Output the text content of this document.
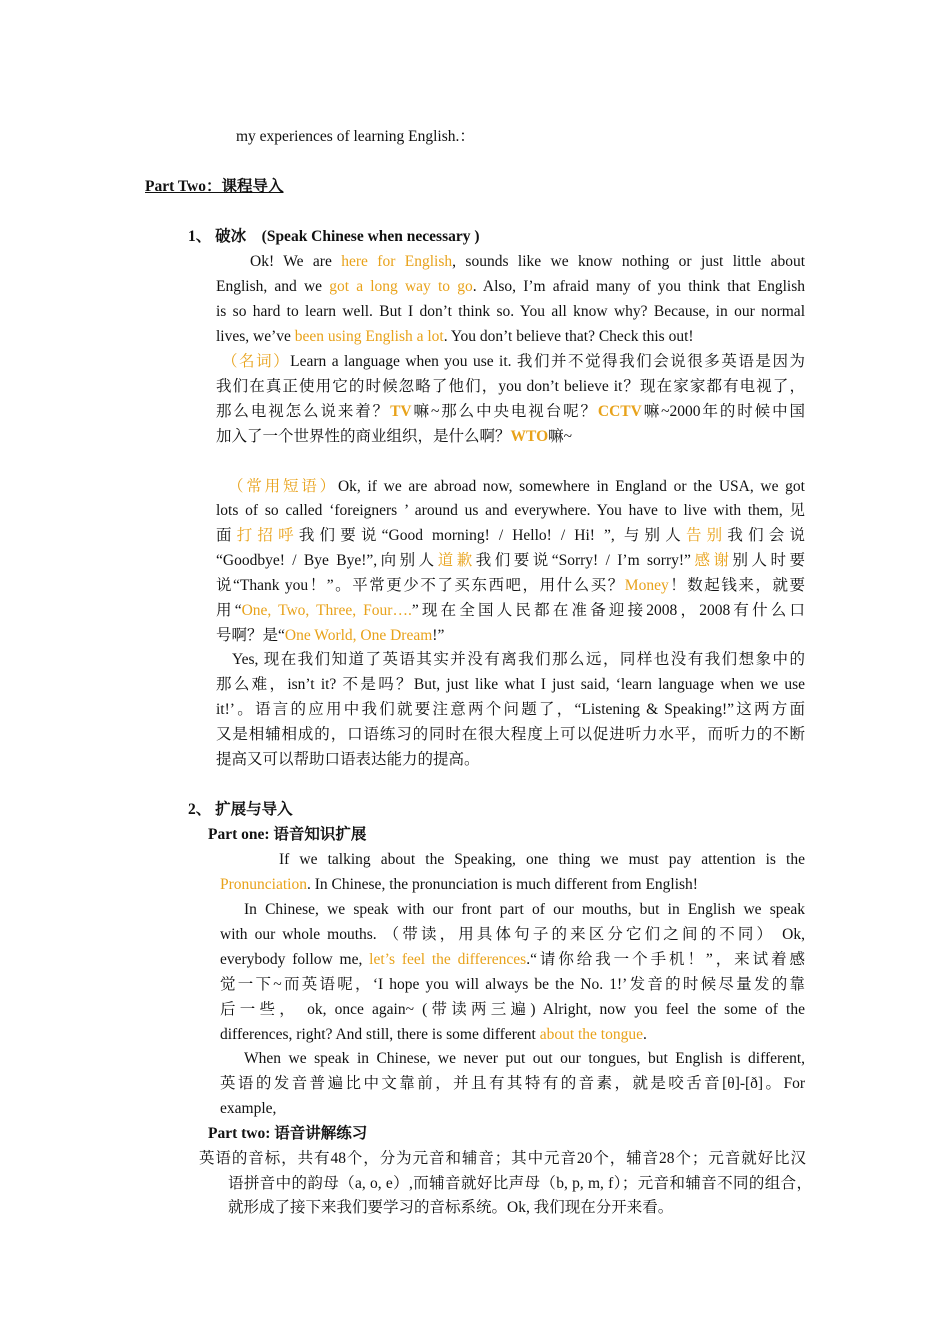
my experiences of learning English.：
Part Two：课程导入
1、 破冰 (Speak Chinese when necessary )
Ok! We are here for English, sounds like we know nothing or just little about
English, and we got a long way to go. Also, I’m afraid many of you think that English
is so hard to learn well. But I don’t think so. You all know why? Because, in our normal
lives, we’ve been using English a lot. You don’t believe that? Check this out!
（名词）Learn a language when you use it. 我们并不觉得我们会说很多英语是因为
我们在真正使用它的时候忽略了他们，you don’t believe it？现在家家都有电视了，
那么电视怎么说来着？TV嘛~那么中央电视台呢？CCTV嘛~2000年的时候中国
加入了一个世界性的商业组织，是什么啊？WTO嘛~
（常用短语）Ok, if we are abroad now, somewhere in England or the USA, we got
lots of so called ‘foreigners ’ around us and everywhere. You have to live with them, 见
面打招呼我们要说“Good morning! / Hello! / Hi! ”, 与别人告别我们会说
“Goodbye! / Bye Bye!”,向别人道歉我们要说“Sorry! / I’m sorry!”感谢别人时要
说“Thank you！”。平常更少不了买东西吧，用什么买？Money！数起钱来，就要
用“One, Two, Three, Four….”现在全国人民都在准备迎接2008，2008有什么口
号啊？是“One World, One Dream!”
Yes, 现在我们知道了英语其实并没有离我们那么远，同样也没有我们想象中的
那么难，isn’t it? 不是吗？But, just like what I just said, ‘learn language when we use
it!’。语言的应用中我们就要注意两个问题了，“Listening & Speaking!”这两方面
又是相辅相成的，口语练习的同时在很大程度上可以促进听力水平，而听力的不断
提高又可以帮助口语表达能力的提高。
2、 扩展与导入
Part one: 语音知识扩展
If we talking about the Speaking, one thing we must pay attention is the
Pronunciation. In Chinese, the pronunciation is much different from English!
In Chinese, we speak with our front part of our mouths, but in English we speak
with our whole mouths. （带读，用具体句子的来区分它们之间的不同） Ok,
everybody follow me, let’s feel the differences.“请你给我一个手机！”，来试着感
觉一下~而英语呢，‘I hope you will always be the No. 1!’发音的时候尽量发的靠
后一些， ok, once again~ (带读两三遍) Alright, now you feel the some of the
differences, right? And still, there is some different about the tongue.
When we speak in Chinese, we never put out our tongues, but English is different,
英语的发音普遍比中文靠前，并且有其特有的音素，就是咬舌音[θ]-[ð]。For
example,
Part two: 语音讲解练习
英语的音标，共有48个，分为元音和辅音；其中元音20个，辅音28个；元音就好比汉
语拼音中的韵母（a, o, e）,而辅音就好比声母（b, p, m, f）；元音和辅音不同的组合，
就形成了接下来我们要学习的音标系统。Ok, 我们现在分开来看。
